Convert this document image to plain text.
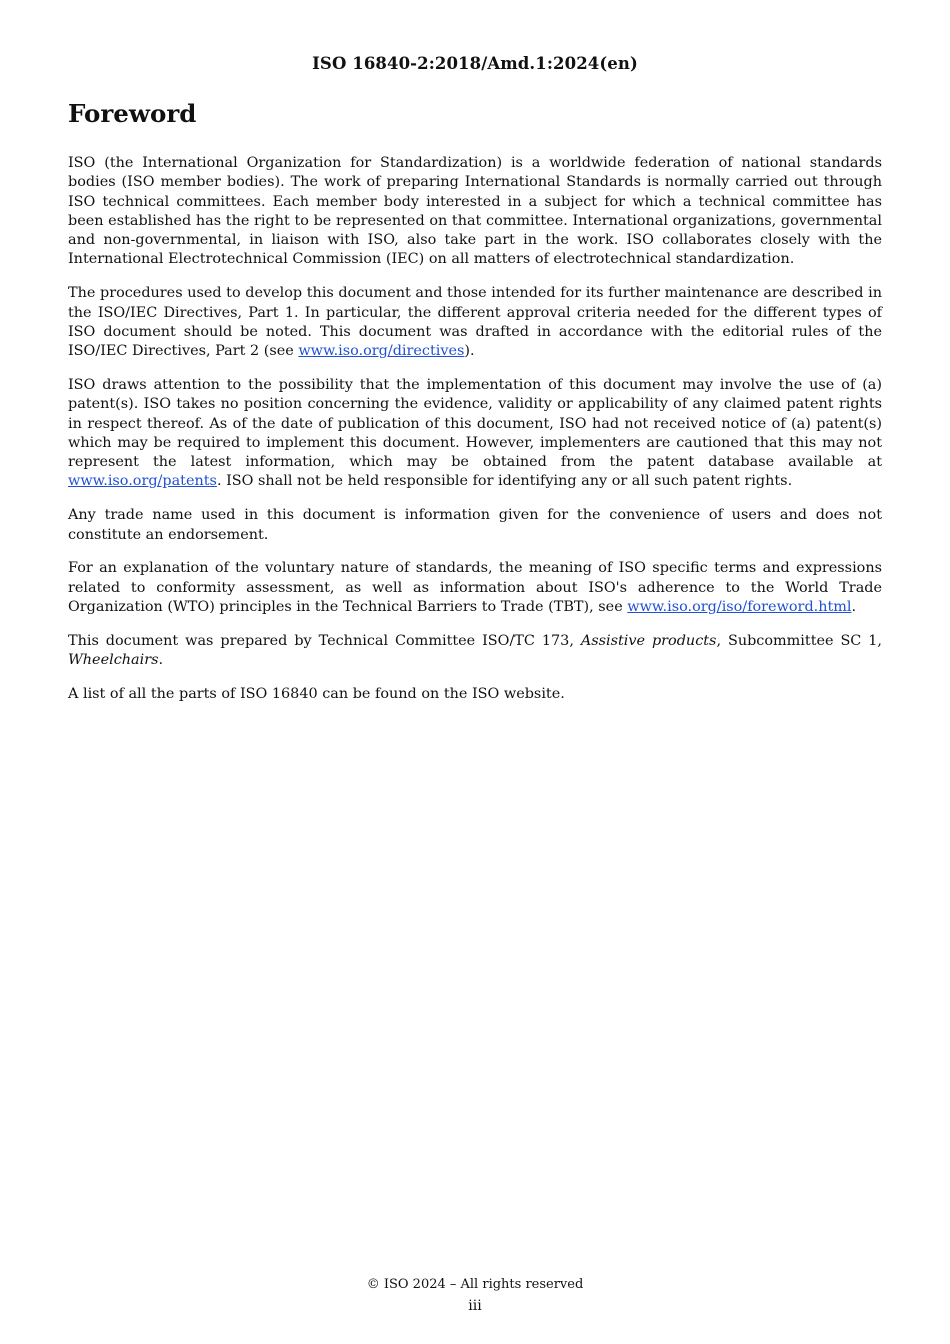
ISO 16840-2:2018/Amd.1:2024(en)
Foreword

ISO (the International Organization for Standardization) is a worldwide federation of national standards bodies (ISO member bodies). The work of preparing International Standards is normally carried out through ISO technical committees. Each member body interested in a subject for which a technical committee has been established has the right to be represented on that committee. International organizations, governmental and non-governmental, in liaison with ISO, also take part in the work. ISO collaborates closely with the International Electrotechnical Commission (IEC) on all matters of electrotechnical standardization.

The procedures used to develop this document and those intended for its further maintenance are described in the ISO/IEC Directives, Part 1. In particular, the different approval criteria needed for the different types of ISO document should be noted. This document was drafted in accordance with the editorial rules of the ISO/IEC Directives, Part 2 (see www.iso.org/directives).

ISO draws attention to the possibility that the implementation of this document may involve the use of (a) patent(s). ISO takes no position concerning the evidence, validity or applicability of any claimed patent rights in respect thereof. As of the date of publication of this document, ISO had not received notice of (a) patent(s) which may be required to implement this document. However, implementers are cautioned that this may not represent the latest information, which may be obtained from the patent database available at www.iso.org/patents. ISO shall not be held responsible for identifying any or all such patent rights.

Any trade name used in this document is information given for the convenience of users and does not constitute an endorsement.

For an explanation of the voluntary nature of standards, the meaning of ISO specific terms and expressions related to conformity assessment, as well as information about ISO's adherence to the World Trade Organization (WTO) principles in the Technical Barriers to Trade (TBT), see www.iso.org/iso/foreword.html.

This document was prepared by Technical Committee ISO/TC 173, Assistive products, Subcommittee SC 1, Wheelchairs.

A list of all the parts of ISO 16840 can be found on the ISO website.

© ISO 2024 – All rights reserved
iii
